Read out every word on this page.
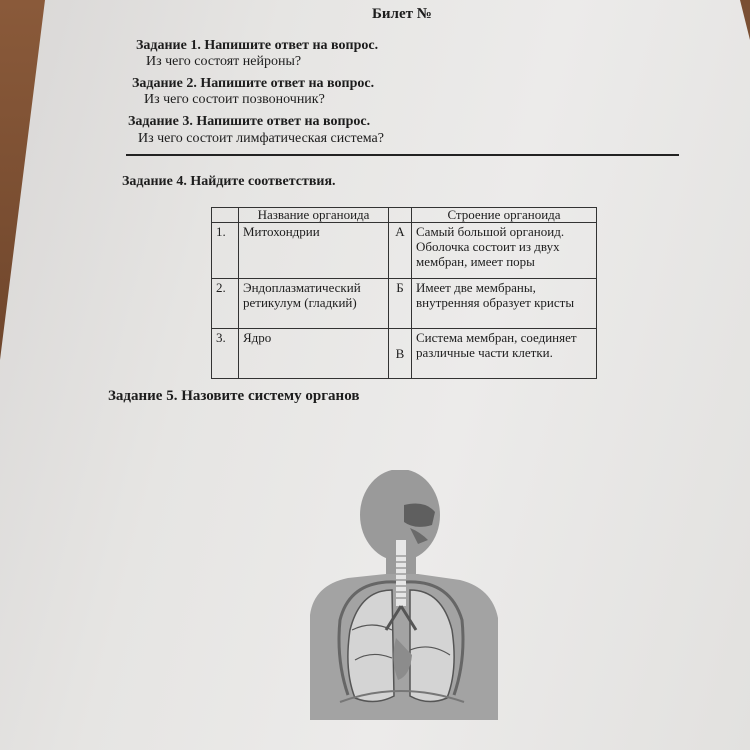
Билет №
Задание 1. Напишите ответ на вопрос.
Из чего состоят нейроны?
Задание 2. Напишите ответ на вопрос.
Из чего состоит позвоночник?
Задание 3. Напишите ответ на вопрос.
Из чего состоит лимфатическая система?
Задание 4. Найдите соответствия.
	Название органоида		Строение органоида
1.	Митохондрии	А	Самый большой органоид. Оболочка состоит из двух мембран, имеет поры
2.	Эндоплазматический ретикулум (гладкий)	Б	Имеет две мембраны, внутренняя образует кристы
3.	Ядро	В	Система мембран, соединяет различные части клетки.
Задание 5. Назовите систему органов
